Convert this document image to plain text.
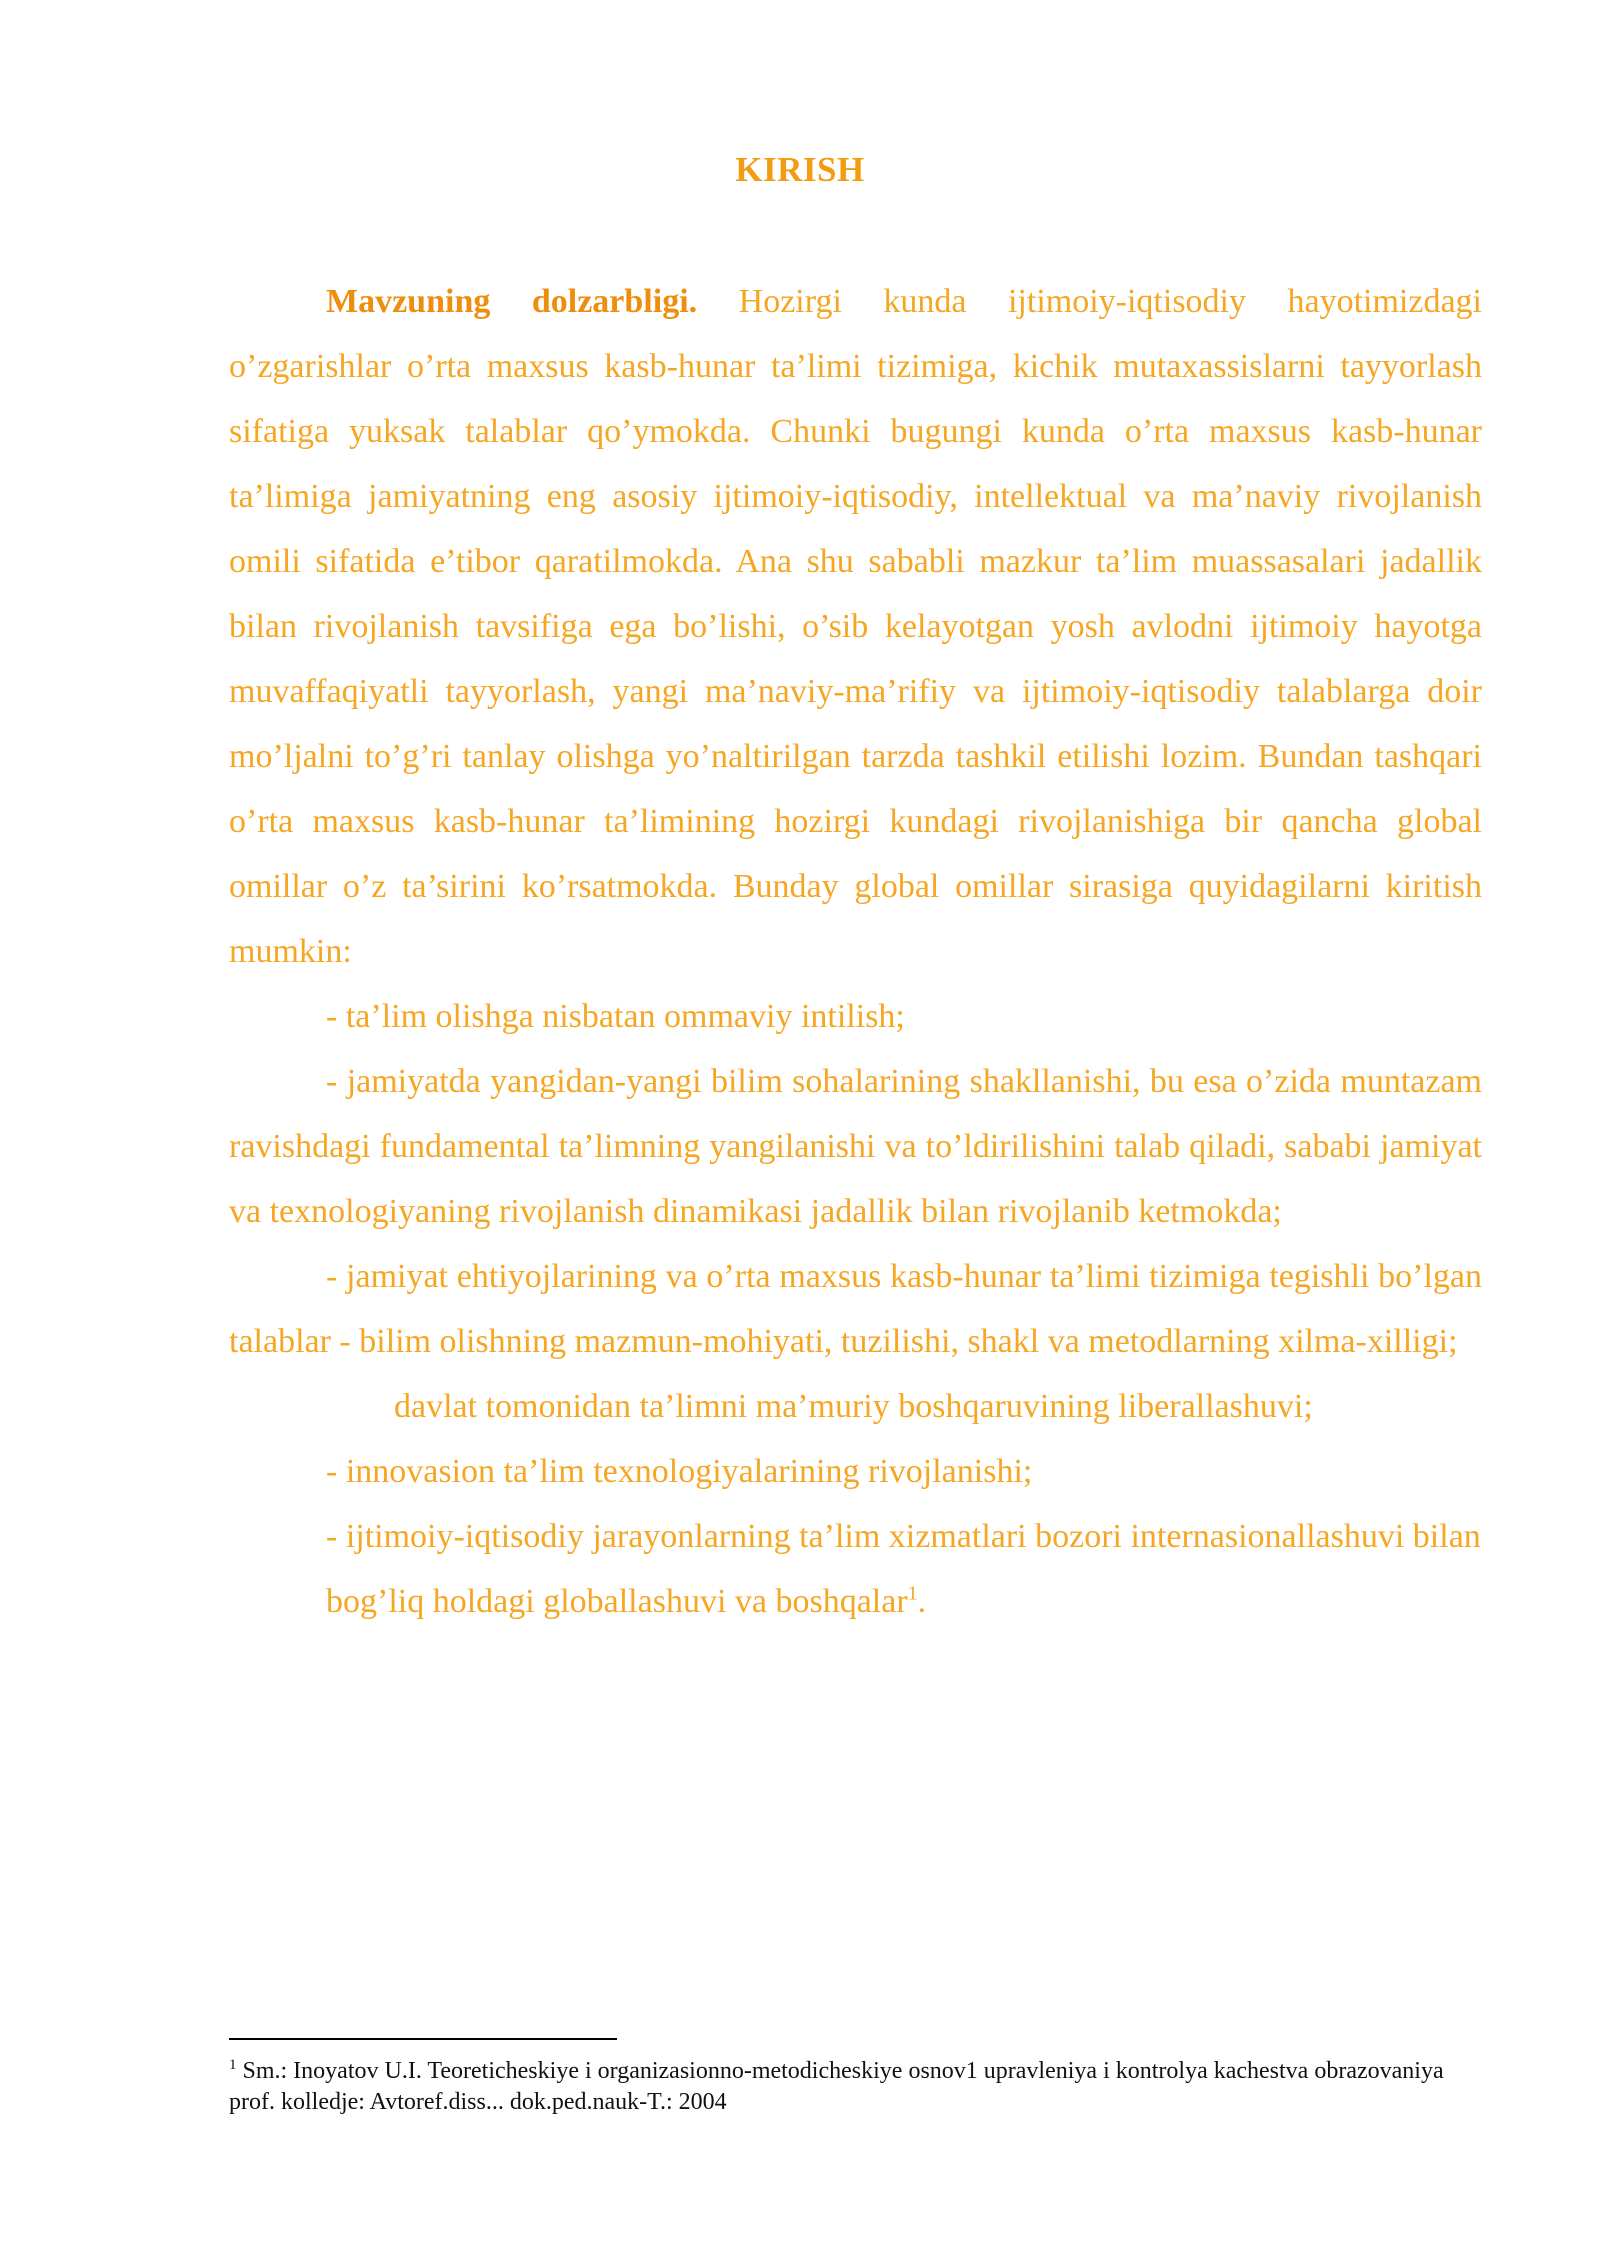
KIRISH

Mavzuning dolzarbligi. Hozirgi kunda ijtimoiy-iqtisodiy hayotimizdagi o’zgarishlar o’rta maxsus kasb-hunar ta’limi tizimiga, kichik mutaxassislarni tayyorlash sifatiga yuksak talablar qo’ymokda. Chunki bugungi kunda o’rta maxsus kasb-hunar ta’limiga jamiyatning eng asosiy ijtimoiy-iqtisodiy, intellektual va ma’naviy rivojlanish omili sifatida e’tibor qaratilmokda. Ana shu sababli mazkur ta’lim muassasalari jadallik bilan rivojlanish tavsifiga ega bo’lishi, o’sib kelayotgan yosh avlodni ijtimoiy hayotga muvaffaqiyatli tayyorlash, yangi ma’naviy-ma’rifiy va ijtimoiy-iqtisodiy talablarga doir mo’ljalni to’g’ri tanlay olishga yo’naltirilgan tarzda tashkil etilishi lozim. Bundan tashqari o’rta maxsus kasb-hunar ta’limining hozirgi kundagi rivojlanishiga bir qancha global omillar o’z ta’sirini ko’rsatmokda. Bunday global omillar sirasiga quyidagilarni kiritish mumkin:

- ta’lim olishga nisbatan ommaviy intilish;

- jamiyatda yangidan-yangi bilim sohalarining shakllanishi, bu esa o’zida muntazam ravishdagi fundamental ta’limning yangilanishi va to’ldirilishini talab qiladi, sababi jamiyat va texnologiyaning rivojlanish dinamikasi jadallik bilan rivojlanib ketmokda;

- jamiyat ehtiyojlarining va o’rta maxsus kasb-hunar ta’limi tizimiga tegishli bo’lgan talablar - bilim olishning mazmun-mohiyati, tuzilishi, shakl va metodlarning xilma-xilligi;

davlat tomonidan ta’limni ma’muriy boshqaruvining liberallashuvi;

- innovasion ta’lim texnologiyalarining rivojlanishi;

- ijtimoiy-iqtisodiy jarayonlarning ta’lim xizmatlari bozori internasionallashuvi bilan bog’liq holdagi globallashuvi va boshqalar$^1$.

$^1$ Sm.: Inoyatov U.I. Teoreticheskiye i organizasionno-metodicheskiye osnov1 upravleniya i kontrolya kachestva obrazovaniya prof. kolledje: Avtoref.diss... dok.ped.nauk-T.: 2004
